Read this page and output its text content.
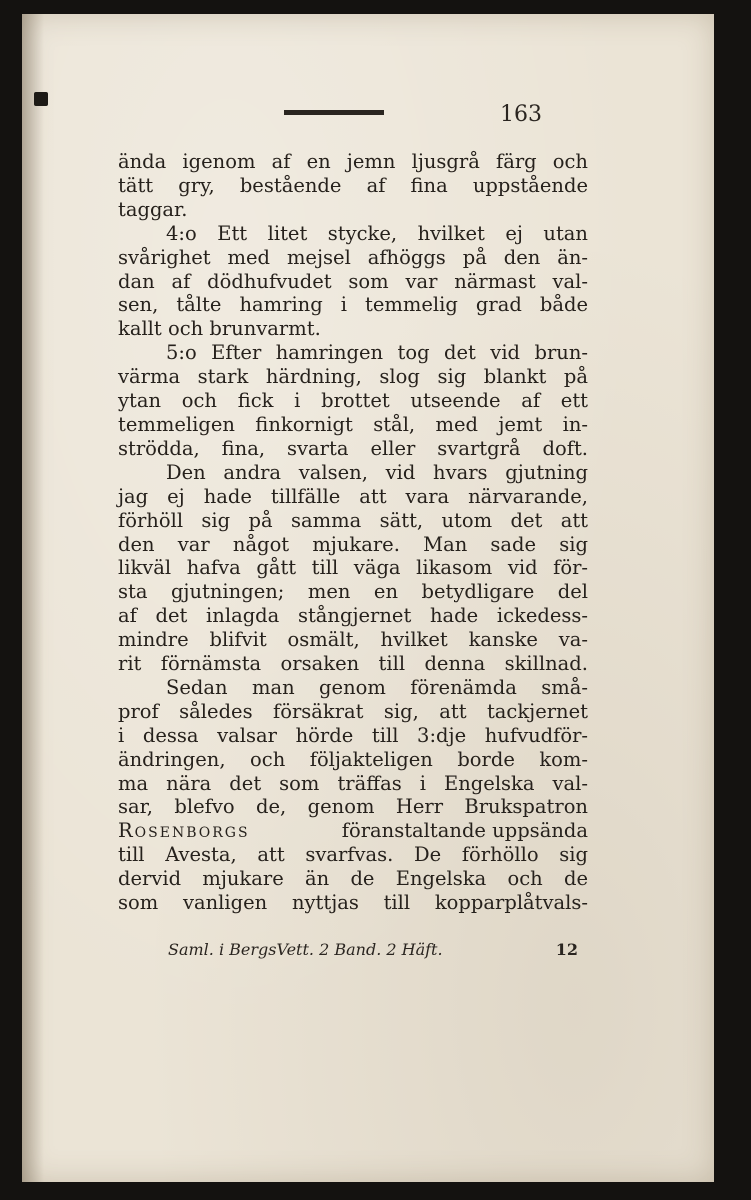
163
ända igenom af en jemn ljusgrå färg och
tätt gry, bestående af fina uppstående
taggar.
4:o Ett litet stycke, hvilket ej utan
svårighet med mejsel afhöggs på den än-
dan af dödhufvudet som var närmast val-
sen, tålte hamring i temmelig grad både
kallt och brunvarmt.
5:o Efter hamringen tog det vid brun-
värma stark härdning, slog sig blankt på
ytan och fick i brottet utseende af ett
temmeligen finkornigt stål, med jemt in-
strödda, fina, svarta eller svartgrå doft.
Den andra valsen, vid hvars gjutning
jag ej hade tillfälle att vara närvarande,
förhöll sig på samma sätt, utom det att
den var något mjukare. Man sade sig
likväl hafva gått till väga likasom vid för-
sta gjutningen; men en betydligare del
af det inlagda stångjernet hade ickedess-
mindre blifvit osmält, hvilket kanske va-
rit förnämsta orsaken till denna skillnad.
Sedan man genom förenämda små-
prof således försäkrat sig, att tackjernet
i dessa valsar hörde till 3:dje hufvudför-
ändringen, och följakteligen borde kom-
ma nära det som träffas i Engelska val-
sar, blefvo de, genom Herr Brukspatron
Rosenborgs	föranstaltande uppsända
till Avesta, att svarfvas. De förhöllo sig
dervid mjukare än de Engelska och de
som vanligen nyttjas till kopparplåtvals-
Saml. i BergsVett. 2 Band. 2 Häft.	12
